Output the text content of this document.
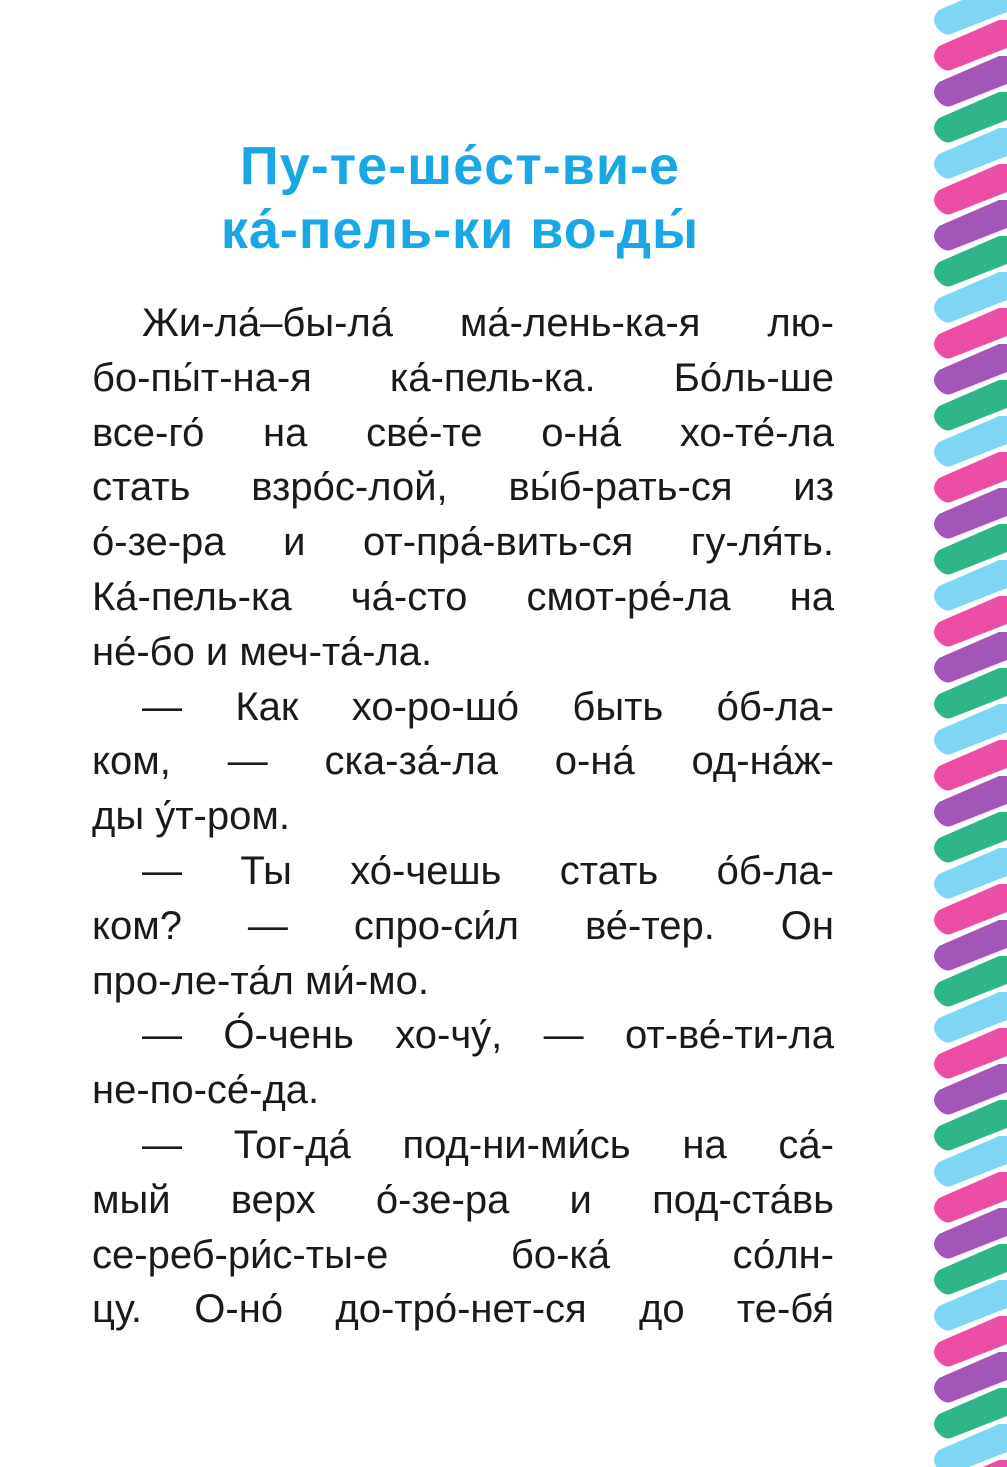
Пу-те-ше́ст-ви-е
ка́-пель-ки во-ды́
Жи-ла́–бы-ла́ ма́-лень-ка-я лю-
бо-пы́т-на-я ка́-пель-ка. Бо́ль-ше
все-го́ на све́-те о-на́ хо-те́-ла
стать взро́с-лой, вы́б-рать-ся из
о́-зе-ра и от-пра́-вить-ся гу-ля́ть.
Ка́-пель-ка ча́-сто смот-ре́-ла на
не́-бо и меч-та́-ла.
— Как хо-ро-шо́ быть о́б-ла-
ком, — ска-за́-ла о-на́ од-на́ж-
ды у́т-ром.
— Ты хо́-чешь стать о́б-ла-
ком? — спро-си́л ве́-тер. Он
про-ле-та́л ми́-мо.
— О́-чень хо-чу́, — от-ве́-ти-ла
не-по-се́-да.
— Тог-да́ под-ни-ми́сь на са́-
мый верх о́-зе-ра и под-ста́вь
се-реб-ри́с-ты-е бо-ка́ со́лн-
цу. О-но́ до-тро́-нет-ся до те-бя́
